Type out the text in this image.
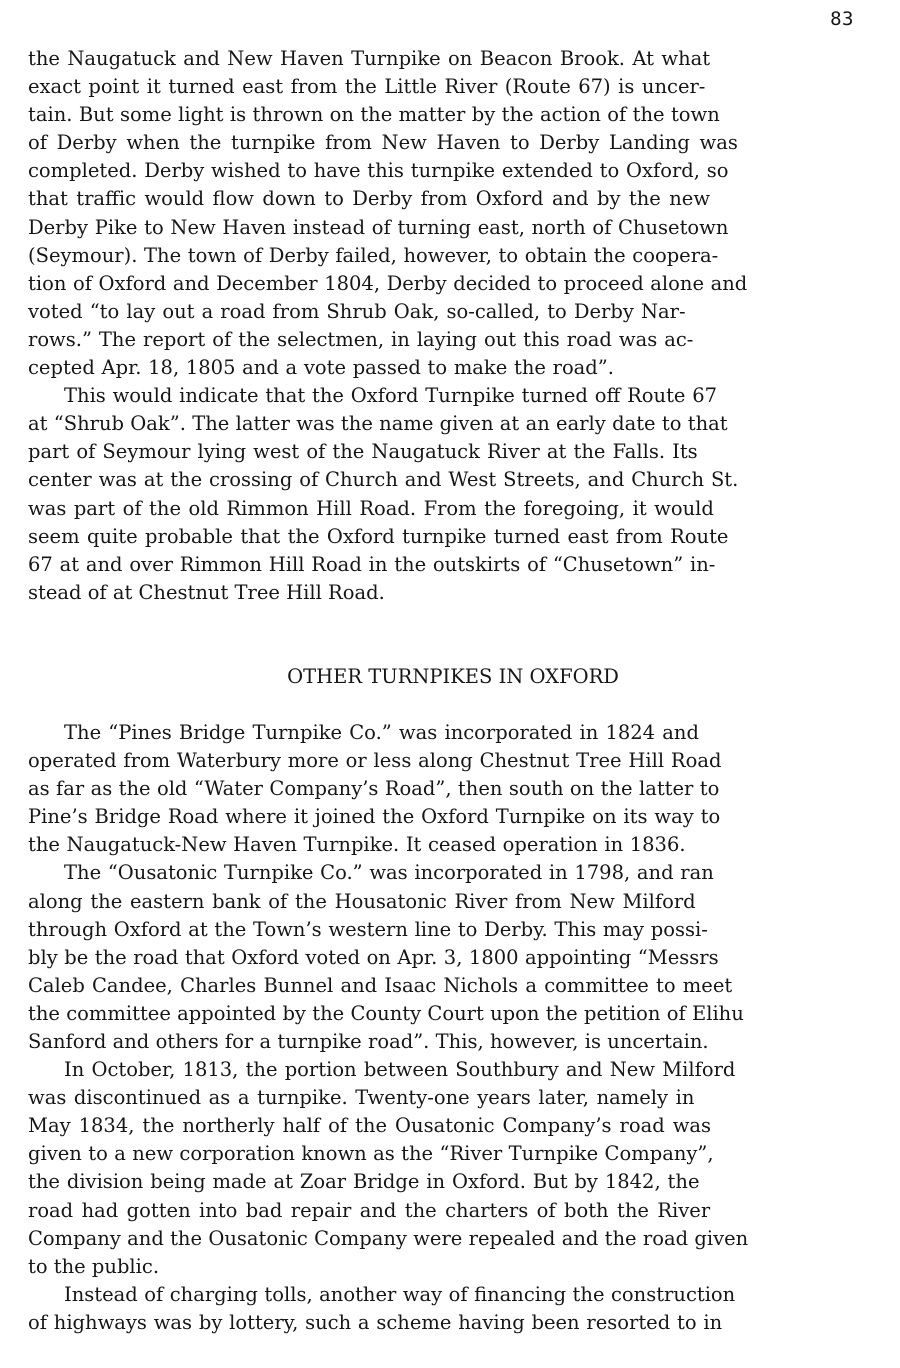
83
the Naugatuck and New Haven Turnpike on Beacon Brook. At what
exact point it turned east from the Little River (Route 67) is uncer-
tain. But some light is thrown on the matter by the action of the town
of Derby when the turnpike from New Haven to Derby Landing was
completed. Derby wished to have this turnpike extended to Oxford, so
that traffic would flow down to Derby from Oxford and by the new
Derby Pike to New Haven instead of turning east, north of Chusetown
(Seymour). The town of Derby failed, however, to obtain the coopera-
tion of Oxford and December 1804, Derby decided to proceed alone and
voted “to lay out a road from Shrub Oak, so-called, to Derby Nar-
rows.” The report of the selectmen, in laying out this road was ac-
cepted Apr. 18, 1805 and a vote passed to make the road”.
This would indicate that the Oxford Turnpike turned off Route 67
at “Shrub Oak”. The latter was the name given at an early date to that
part of Seymour lying west of the Naugatuck River at the Falls. Its
center was at the crossing of Church and West Streets, and Church St.
was part of the old Rimmon Hill Road. From the foregoing, it would
seem quite probable that the Oxford turnpike turned east from Route
67 at and over Rimmon Hill Road in the outskirts of “Chusetown” in-
stead of at Chestnut Tree Hill Road.
OTHER TURNPIKES IN OXFORD
The “Pines Bridge Turnpike Co.” was incorporated in 1824 and
operated from Waterbury more or less along Chestnut Tree Hill Road
as far as the old “Water Company’s Road”, then south on the latter to
Pine’s Bridge Road where it joined the Oxford Turnpike on its way to
the Naugatuck-New Haven Turnpike. It ceased operation in 1836.
The “Ousatonic Turnpike Co.” was incorporated in 1798, and ran
along the eastern bank of the Housatonic River from New Milford
through Oxford at the Town’s western line to Derby. This may possi-
bly be the road that Oxford voted on Apr. 3, 1800 appointing “Messrs
Caleb Candee, Charles Bunnel and Isaac Nichols a committee to meet
the committee appointed by the County Court upon the petition of Elihu
Sanford and others for a turnpike road”. This, however, is uncertain.
In October, 1813, the portion between Southbury and New Milford
was discontinued as a turnpike. Twenty-one years later, namely in
May 1834, the northerly half of the Ousatonic Company’s road was
given to a new corporation known as the “River Turnpike Company”,
the division being made at Zoar Bridge in Oxford. But by 1842, the
road had gotten into bad repair and the charters of both the River
Company and the Ousatonic Company were repealed and the road given
to the public.
Instead of charging tolls, another way of financing the construction
of highways was by lottery, such a scheme having been resorted to in
